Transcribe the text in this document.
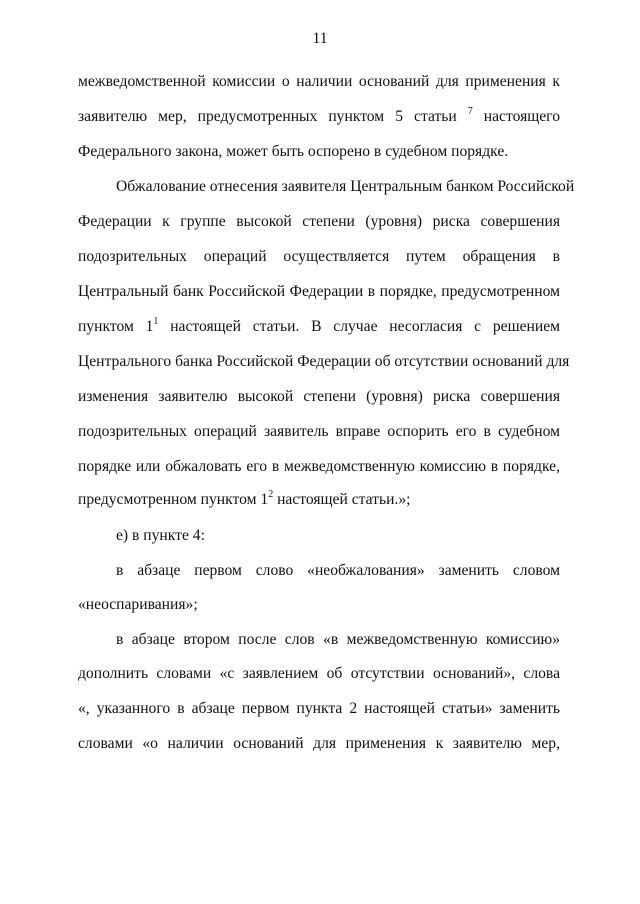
11
межведомственной комиссии о наличии оснований для применения к
заявителю мер, предусмотренных пунктом 5 статьи $^7$ настоящего
Федерального закона, может быть оспорено в судебном порядке.
Обжалование отнесения заявителя Центральным банком Российской
Федерации к группе высокой степени (уровня) риска совершения
подозрительных операций осуществляется путем обращения в
Центральный банк Российской Федерации в порядке, предусмотренном
пунктом $1^1$ настоящей статьи. В случае несогласия с решением
Центрального банка Российской Федерации об отсутствии оснований для
изменения заявителю высокой степени (уровня) риска совершения
подозрительных операций заявитель вправе оспорить его в судебном
порядке или обжаловать его в межведомственную комиссию в порядке,
предусмотренном пунктом $1^2$ настоящей статьи.»;
е) в пункте 4:
в абзаце первом слово «необжалования» заменить словом
«неоспаривания»;
в абзаце втором после слов «в межведомственную комиссию»
дополнить словами «с заявлением об отсутствии оснований», слова
«, указанного в абзаце первом пункта 2 настоящей статьи» заменить
словами «о наличии оснований для применения к заявителю мер,
